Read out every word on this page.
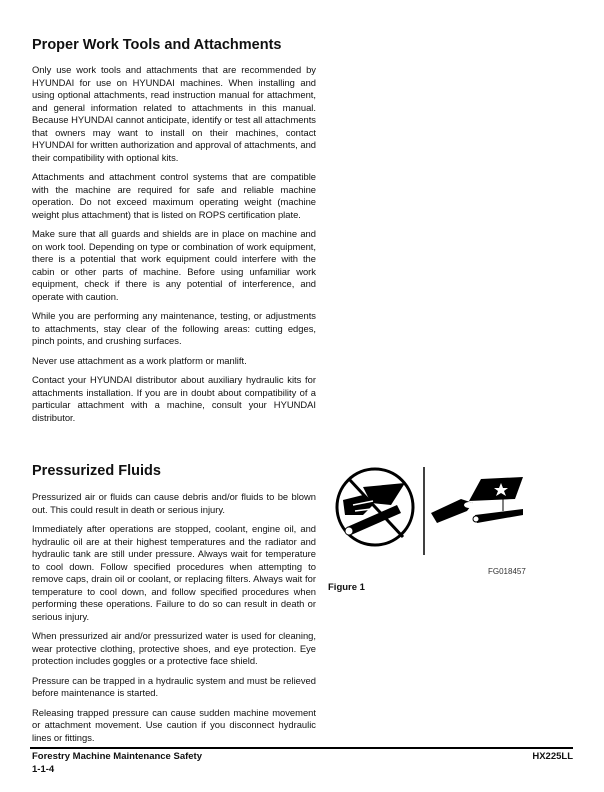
Proper Work Tools and Attachments

Only use work tools and attachments that are recommended by HYUNDAI for use on HYUNDAI machines. When installing and using optional attachments, read instruction manual for attachment, and general information related to attachments in this manual. Because HYUNDAI cannot anticipate, identify or test all attachments that owners may want to install on their machines, contact HYUNDAI for written authorization and approval of attachments, and their compatibility with optional kits.

Attachments and attachment control systems that are compatible with the machine are required for safe and reliable machine operation. Do not exceed maximum operating weight (machine weight plus attachment) that is listed on ROPS certification plate.

Make sure that all guards and shields are in place on machine and on work tool. Depending on type or combination of work equipment, there is a potential that work equipment could interfere with the cabin or other parts of machine. Before using unfamiliar work equipment, check if there is any potential of interference, and operate with caution.

While you are performing any maintenance, testing, or adjustments to attachments, stay clear of the following areas: cutting edges, pinch points, and crushing surfaces.

Never use attachment as a work platform or manlift.

Contact your HYUNDAI distributor about auxiliary hydraulic kits for attachments installation. If you are in doubt about compatibility of a particular attachment with a machine, consult your HYUNDAI distributor.

Pressurized Fluids

Pressurized air or fluids can cause debris and/or fluids to be blown out. This could result in death or serious injury.

Immediately after operations are stopped, coolant, engine oil, and hydraulic oil are at their highest temperatures and the radiator and hydraulic tank are still under pressure. Always wait for temperature to cool down. Follow specified procedures when attempting to remove caps, drain oil or coolant, or replacing filters. Always wait for temperature to cool down, and follow specified procedures when performing these operations. Failure to do so can result in death or serious injury.

When pressurized air and/or pressurized water is used for cleaning, wear protective clothing, protective shoes, and eye protection. Eye protection includes goggles or a protective face shield.

Pressure can be trapped in a hydraulic system and must be relieved before maintenance is started.

Releasing trapped pressure can cause sudden machine movement or attachment movement. Use caution if you disconnect hydraulic lines or fittings.

Forestry Machine Maintenance Safety	HX225LL
1-1-4
FG018457
Figure 1
